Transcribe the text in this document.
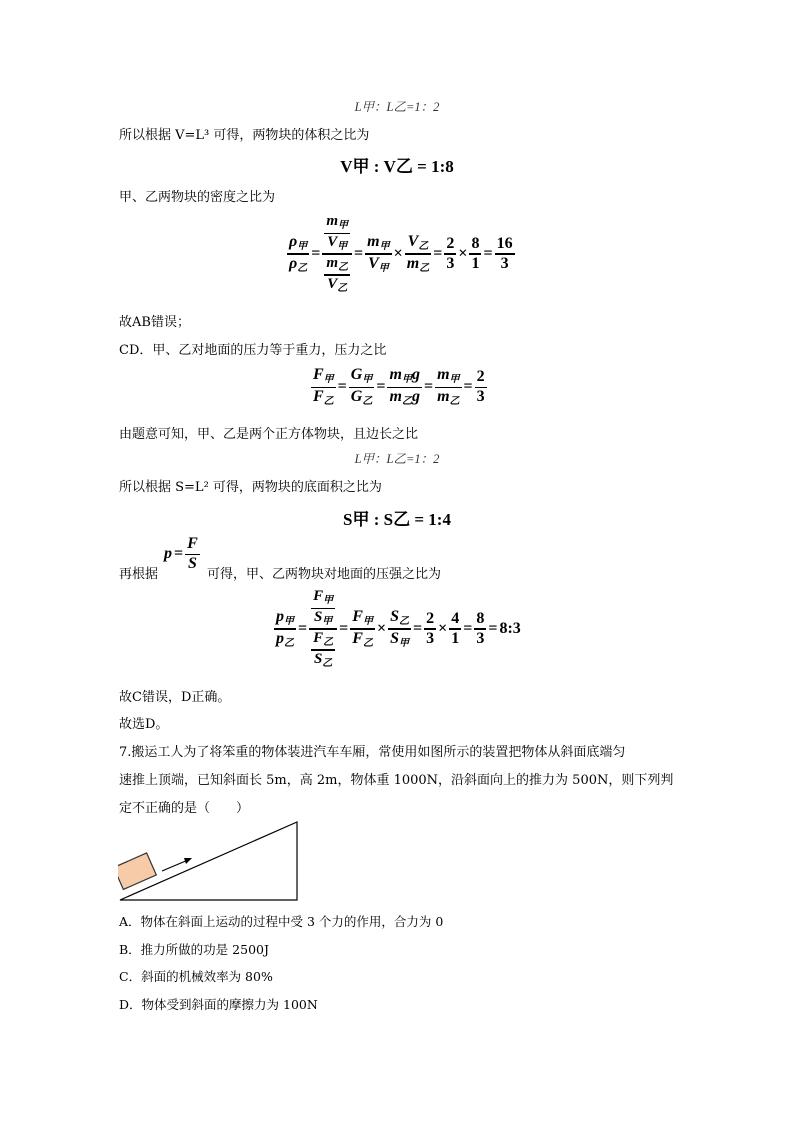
L甲：L乙=1：2
所以根据 V=L³ 可得，两物块的体积之比为
V甲 : V乙 = 1:8
甲、乙两物块的密度之比为
$\frac{\rho_甲}{\rho_乙} = \frac{\frac{m_甲}{V_甲}}{\frac{m_乙}{V_乙}} = \frac{m_甲}{V_甲} \times \frac{V_乙}{m_乙} = \frac{2}{3} \times \frac{8}{1} = \frac{16}{3}$
故AB错误；
CD．甲、乙对地面的压力等于重力，压力之比
$\frac{F_甲}{F_乙} = \frac{G_甲}{G_乙} = \frac{m_甲g}{m_乙g} = \frac{m_甲}{m_乙} = \frac{2}{3}$
由题意可知，甲、乙是两个正方体物块，且边长之比
L甲：L乙=1：2
所以根据 S=L² 可得，两物块的底面积之比为
S甲 : S乙 = 1:4
再根据
$p = \frac{F}{S}$
可得，甲、乙两物块对地面的压强之比为
$\frac{p_甲}{p_乙} = \frac{\frac{F_甲}{S_甲}}{\frac{F_乙}{S_乙}} = \frac{F_甲}{F_乙} \times \frac{S_乙}{S_甲} = \frac{2}{3} \times \frac{4}{1} = \frac{8}{3}$ = 8:3
故C错误，D正确。
故选D。
7.搬运工人为了将笨重的物体装进汽车车厢，常使用如图所示的装置把物体从斜面底端匀
速推上顶端，已知斜面长 5m，高 2m，物体重 1000N，沿斜面向上的推力为 500N，则下列判
定不正确的是（　　）
A．物体在斜面上运动的过程中受 3 个力的作用，合力为 0
B．推力所做的功是 2500J
C．斜面的机械效率为 80%
D．物体受到斜面的摩擦力为 100N
